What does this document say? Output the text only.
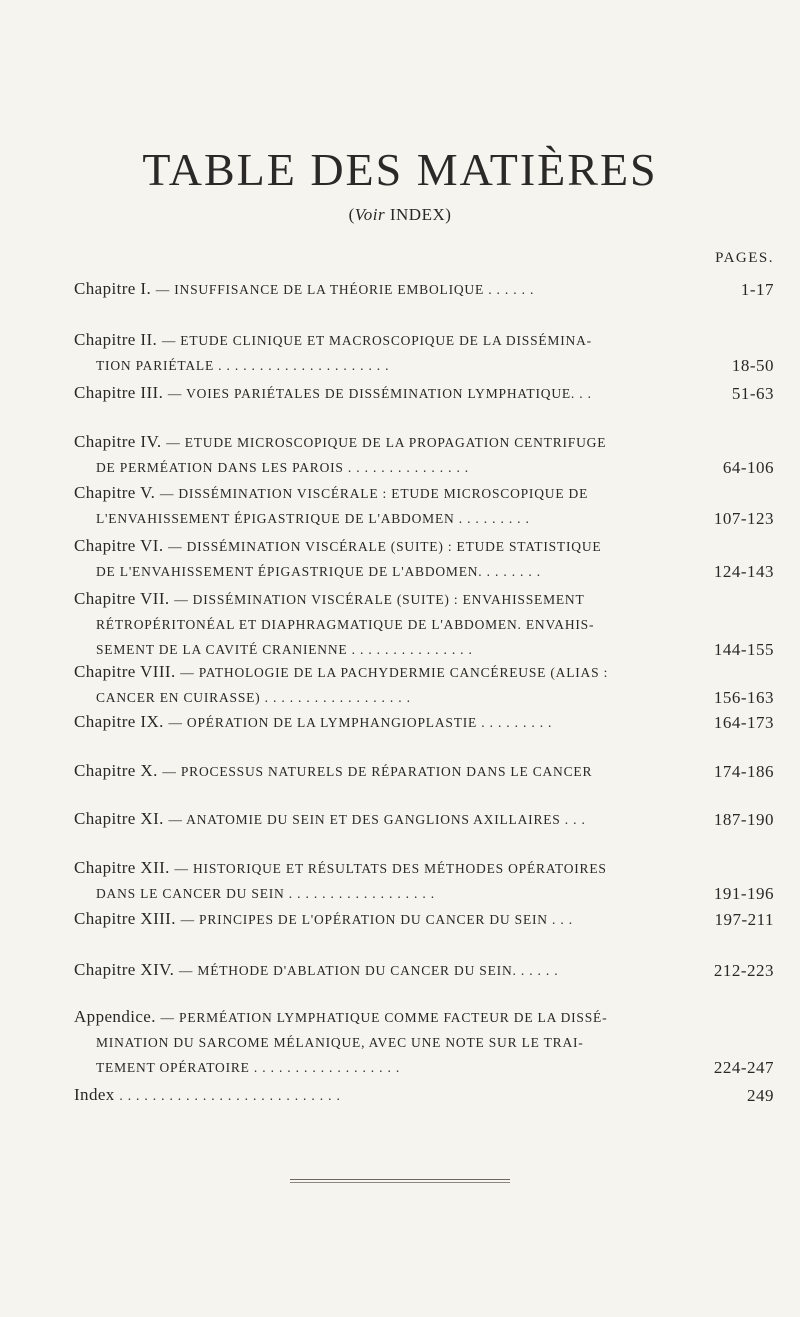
TABLE DES MATIÈRES
(Voir INDEX)
PAGES.
Chapitre I. — INSUFFISANCE DE LA THÉORIE EMBOLIQUE . . . . . .	1-17
Chapitre II. — ETUDE CLINIQUE ET MACROSCOPIQUE DE LA DISSÉMINA-
TION PARIÉTALE . . . . . . . . . . . . . . . . . . . . .	18-50
Chapitre III. — VOIES PARIÉTALES DE DISSÉMINATION LYMPHATIQUE. . .	51-63
Chapitre IV. — ETUDE MICROSCOPIQUE DE LA PROPAGATION CENTRIFUGE
DE PERMÉATION DANS LES PAROIS . . . . . . . . . . . . . . .	64-106
Chapitre V. — DISSÉMINATION VISCÉRALE : ETUDE MICROSCOPIQUE DE
L'ENVAHISSEMENT ÉPIGASTRIQUE DE L'ABDOMEN . . . . . . . . .	107-123
Chapitre VI. — DISSÉMINATION VISCÉRALE (SUITE) : ETUDE STATISTIQUE
DE L'ENVAHISSEMENT ÉPIGASTRIQUE DE L'ABDOMEN. . . . . . . .	124-143
Chapitre VII. — DISSÉMINATION VISCÉRALE (SUITE) : ENVAHISSEMENT
RÉTROPÉRITONÉAL ET DIAPHRAGMATIQUE DE L'ABDOMEN. ENVAHIS-
SEMENT DE LA CAVITÉ CRANIENNE . . . . . . . . . . . . . . .	144-155
Chapitre VIII. — PATHOLOGIE DE LA PACHYDERMIE CANCÉREUSE (ALIAS :
CANCER EN CUIRASSE) . . . . . . . . . . . . . . . . . .	156-163
Chapitre IX. — OPÉRATION DE LA LYMPHANGIOPLASTIE . . . . . . . . .	164-173
Chapitre X. — PROCESSUS NATURELS DE RÉPARATION DANS LE CANCER	174-186
Chapitre XI. — ANATOMIE DU SEIN ET DES GANGLIONS AXILLAIRES . . .	187-190
Chapitre XII. — HISTORIQUE ET RÉSULTATS DES MÉTHODES OPÉRATOIRES
DANS LE CANCER DU SEIN . . . . . . . . . . . . . . . . . .	191-196
Chapitre XIII. — PRINCIPES DE L'OPÉRATION DU CANCER DU SEIN . . .	197-211
Chapitre XIV. — MÉTHODE D'ABLATION DU CANCER DU SEIN. . . . . .	212-223
Appendice. — PERMÉATION LYMPHATIQUE COMME FACTEUR DE LA DISSÉ-
MINATION DU SARCOME MÉLANIQUE, AVEC UNE NOTE SUR LE TRAI-
TEMENT OPÉRATOIRE . . . . . . . . . . . . . . . . . .	224-247
Index . . . . . . . . . . . . . . . . . . . . . . . . . . .	249
